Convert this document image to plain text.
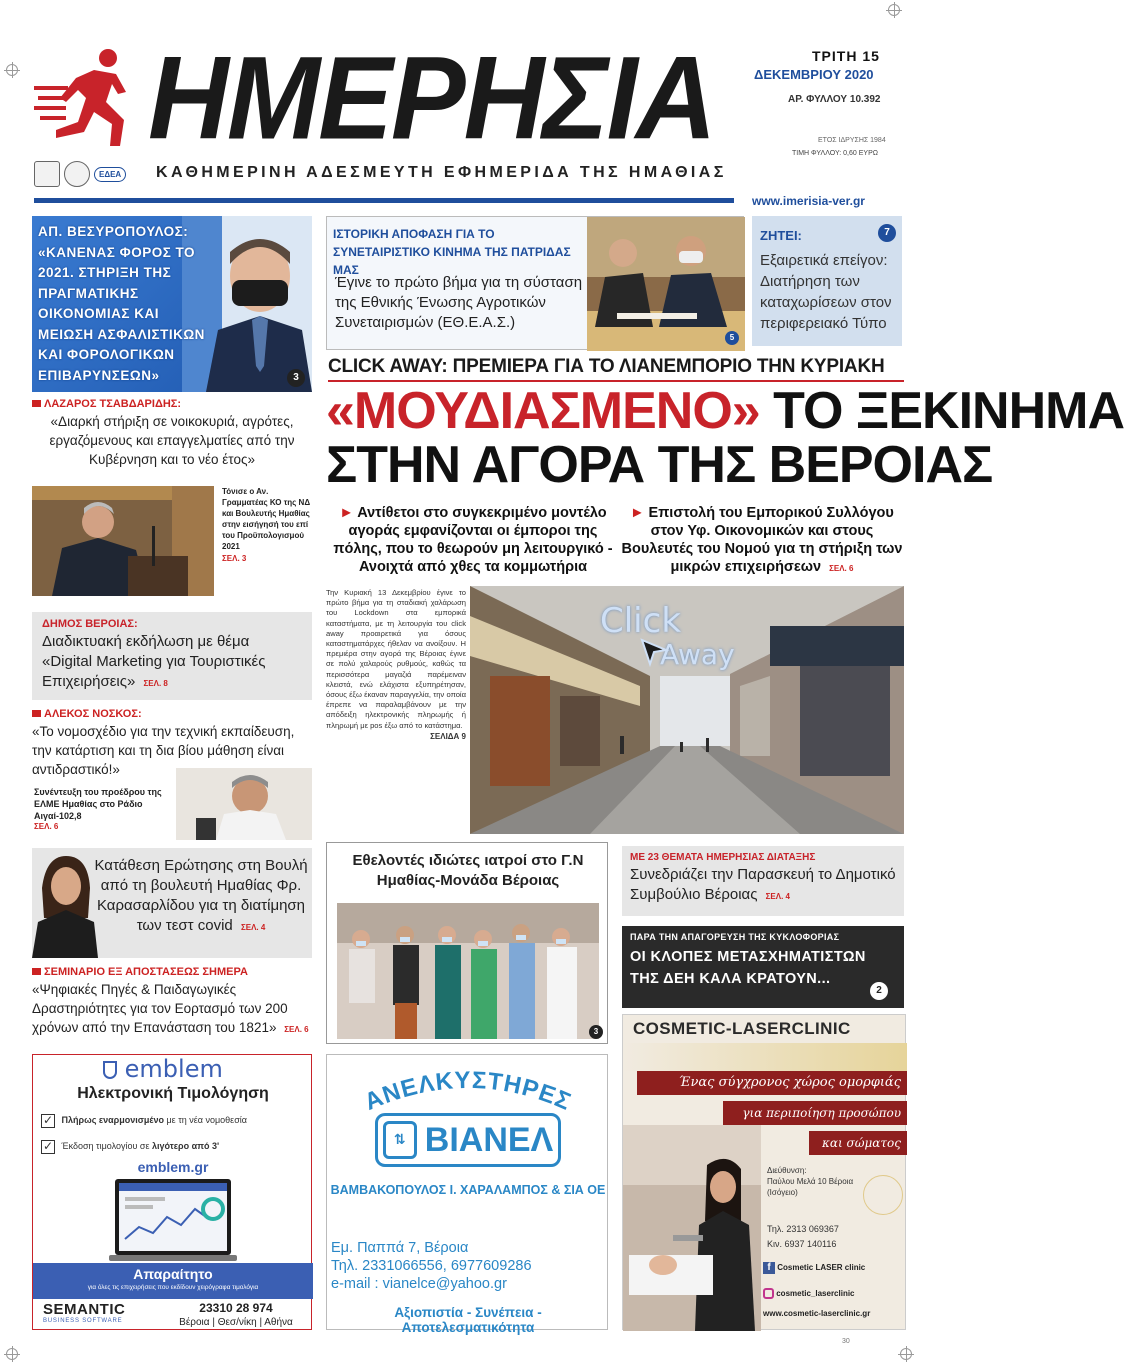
ΗΜΕΡΗΣΙΑ	ΤΡΙΤΗ 15
ΔΕΚΕΜΒΡΙΟΥ 2020
ΑΡ. ΦΥΛΛΟΥ 10.392
ΕΤΟΣ ΙΔΡΥΣΗΣ 1984
ΤΙΜΗ ΦΥΛΛΟΥ: 0,60 ΕΥΡΩ
ΕΔΕΑ	ΚΑΘΗΜΕΡΙΝΗ ΑΔΕΣΜΕΥΤΗ ΕΦΗΜΕΡΙΔΑ ΤΗΣ ΗΜΑΘΙΑΣ
www.imerisia-ver.gr
ΑΠ. ΒΕΣΥΡΟΠΟΥΛΟΣ: «ΚΑΝΕΝΑΣ ΦΟΡΟΣ ΤΟ 2021. ΣΤΗΡΙΞΗ ΤΗΣ ΠΡΑΓΜΑΤΙΚΗΣ ΟΙΚΟΝΟΜΙΑΣ ΚΑΙ ΜΕΙΩΣΗ ΑΣΦΑΛΙΣΤΙΚΩΝ ΚΑΙ ΦΟΡΟΛΟΓΙΚΩΝ ΕΠΙΒΑΡΥΝΣΕΩΝ»	3
ΙΣΤΟΡΙΚΗ ΑΠΟΦΑΣΗ ΓΙΑ ΤΟ ΣΥΝΕΤΑΙΡΙΣΤΙΚΟ ΚΙΝΗΜΑ ΤΗΣ ΠΑΤΡΙΔΑΣ ΜΑΣ
Έγινε το πρώτο βήμα για τη σύσταση της Εθνικής Ένωσης Αγροτικών Συνεταιρισμών (ΕΘ.Ε.Α.Σ.)
5
ΖΗΤΕΙ:	7
Εξαιρετικά επείγον: Διατήρηση των καταχωρίσεων στον περιφερειακό Τύπο
CLICK AWAY: ΠΡΕΜΙΕΡΑ ΓΙΑ ΤΟ ΛΙΑΝΕΜΠΟΡΙΟ ΤΗΝ ΚΥΡΙΑΚΗ
«ΜΟΥΔΙΑΣΜΕΝΟ» ΤΟ ΞΕΚΙΝΗΜΑ
ΣΤΗΝ ΑΓΟΡΑ ΤΗΣ ΒΕΡΟΙΑΣ
► Αντίθετοι στο συγκεκριμένο μοντέλο αγοράς εμφανίζονται οι έμποροι της πόλης, που το θεωρούν μη λειτουργικό - Ανοιχτά από χθες τα κομμωτήρια
► Επιστολή του Εμπορικού Συλλόγου στον Υφ. Οικονομικών και στους Βουλευτές του Νομού για τη στήριξη των μικρών επιχειρήσεων ΣΕΛ. 6
Την Κυριακή 13 Δεκεμβρίου έγινε το πρώτο βήμα για τη σταδιακή χαλάρωση του Lockdown στα εμπορικά καταστήματα, με τη λειτουργία του click away προαιρετικά για όσους καταστηματάρχες ήθελαν να ανοίξουν. Η πρεμιέρα στην αγορά της Βέροιας έγινε σε πολύ χαλαρούς ρυθμούς, καθώς τα περισσότερα μαγαζιά παρέμειναν κλειστά, ενώ ελάχιστα εξυπηρέτησαν, όσους έξω έκαναν παραγγελία, την οποία έπρεπε να παραλαμβάνουν με την απόδειξη ηλεκτρονικής πληρωμής ή πληρωμή με pos έξω από το κατάστημα.
ΣΕΛΙΔΑ 9
Click
Away
ΛΑΖΑΡΟΣ ΤΣΑΒΔΑΡΙΔΗΣ:
«Διαρκή στήριξη σε νοικοκυριά, αγρότες, εργαζόμενους και επαγγελματίες από την Κυβέρνηση και το νέο έτος»
Τόνισε ο Αν. Γραμματέας ΚΟ της ΝΔ και Βουλευτής Ημαθίας στην εισήγησή του επί του Προϋπολογισμού 2021
ΣΕΛ. 3
ΔΗΜΟΣ ΒΕΡΟΙΑΣ:
Διαδικτυακή εκδήλωση με θέμα «Digital Marketing για Τουριστικές Επιχειρήσεις» ΣΕΛ. 8
ΑΛΕΚΟΣ ΝΟΣΚΟΣ:
«Το νομοσχέδιο για την τεχνική εκπαίδευση, την κατάρτιση και τη δια βίου μάθηση είναι αντιδραστικό!»
Συνέντευξη του προέδρου της ΕΛΜΕ Ημαθίας στο Ράδιο Αιγαί-102,8
ΣΕΛ. 6
Κατάθεση Ερώτησης στη Βουλή από τη βουλευτή Ημαθίας Φρ. Καρασαρλίδου για τη διατίμηση των τεστ covid ΣΕΛ. 4
ΣΕΜΙΝΑΡΙΟ ΕΞ ΑΠΟΣΤΑΣΕΩΣ ΣΗΜΕΡΑ
«Ψηφιακές Πηγές & Παιδαγωγικές Δραστηριότητες για τον Εορτασμό των 200 χρόνων από την Επανάσταση του 1821» ΣΕΛ. 6
Εθελοντές ιδιώτες ιατροί στο Γ.Ν Ημαθίας-Μονάδα Βέροιας
3
ΜΕ 23 ΘΕΜΑΤΑ ΗΜΕΡΗΣΙΑΣ ΔΙΑΤΑΞΗΣ
Συνεδριάζει την Παρασκευή το Δημοτικό Συμβούλιο Βέροιας ΣΕΛ. 4
ΠΑΡΑ ΤΗΝ ΑΠΑΓΟΡΕΥΣΗ ΤΗΣ ΚΥΚΛΟΦΟΡΙΑΣ
ΟΙ ΚΛΟΠΕΣ ΜΕΤΑΣΧΗΜΑΤΙΣΤΩΝ ΤΗΣ ΔΕΗ ΚΑΛΑ ΚΡΑΤΟΥΝ...
2
emblem
Ηλεκτρονική Τιμολόγηση
✓ Πλήρως εναρμονισμένο με τη νέα νομοθεσία
✓ Έκδοση τιμολογίου σε λιγότερο από 3'
emblem.gr
Απαραίτητο
για όλες τις επιχειρήσεις που εκδίδουν χειρόγραφα τιμολόγια
SEMANTIC
BUSINESS SOFTWARE
23310 28 974
Βέροια | Θεσ/νίκη | Αθήνα
ΑΝΕΛΚΥΣΤΗΡΕΣ
⇅ ΒΙΑΝΕΛ
ΒΑΜΒΑΚΟΠΟΥΛΟΣ Ι. ΧΑΡΑΛΑΜΠΟΣ & ΣΙΑ ΟΕ
Εμ. Παππά 7, Βέροια
Τηλ. 2331066556, 6977609286
e-mail : vianelce@yahoo.gr
Αξιοπιστία - Συνέπεια - Αποτελεσματικότητα
COSMETIC-LASERCLINIC
Ένας σύγχρονος χώρος ομορφιάς
για περιποίηση προσώπου
και σώματος
Διεύθυνση:
Παύλου Μελά 10 Βέροια (Ισόγειο)
Τηλ. 2313 069367
Κιν. 6937 140116
f Cosmetic LASER clinic
cosmetic_laserclinic
www.cosmetic-laserclinic.gr
30
